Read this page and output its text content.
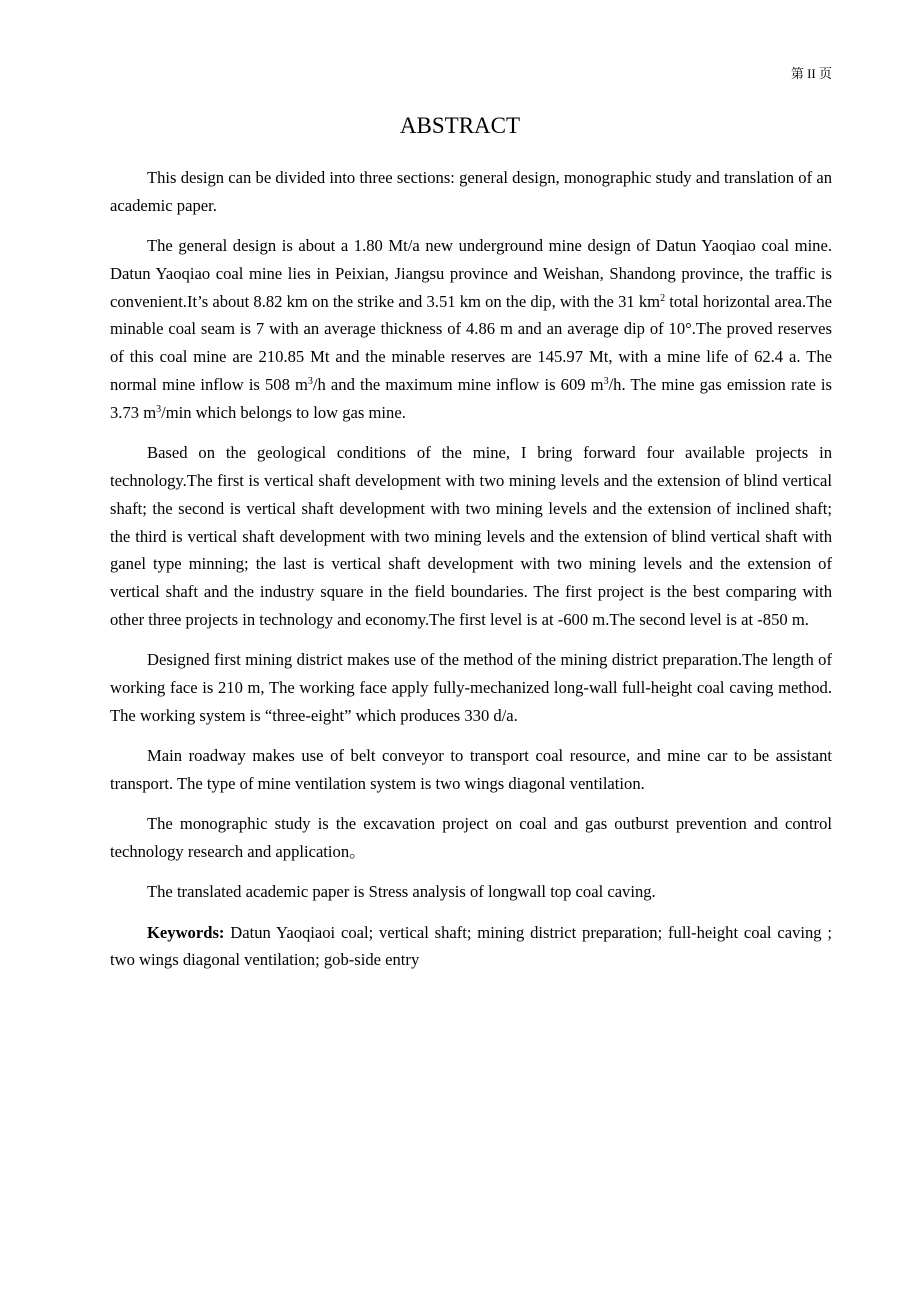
第 II 页
ABSTRACT

This design can be divided into three sections: general design, monographic study and translation of an academic paper.

The general design is about a 1.80 Mt/a new underground mine design of Datun Yaoqiao coal mine. Datun Yaoqiao coal mine lies in Peixian, Jiangsu province and Weishan, Shandong province, the traffic is convenient.It’s about 8.82 km on the strike and 3.51 km on the dip, with the 31 $km^2$ total horizontal area.The minable coal seam is 7 with an average thickness of 4.86 m and an average dip of 10°.The proved reserves of this coal mine are 210.85 Mt and the minable reserves are 145.97 Mt, with a mine life of 62.4 a. The normal mine inflow is 508 $m^3/h$ and the maximum mine inflow is 609 $m^3/h$. The mine gas emission rate is 3.73 $m^3/\min$ which belongs to low gas mine.

Based on the geological conditions of the mine, I bring forward four available projects in technology.The first is vertical shaft development with two mining levels and the extension of blind vertical shaft; the second is vertical shaft development with two mining levels and the extension of inclined shaft; the third is vertical shaft development with two mining levels and the extension of blind vertical shaft with ganel type minning; the last is vertical shaft development with two mining levels and the extension of vertical shaft and the industry square in the field boundaries. The first project is the best comparing with other three projects in technology and economy.The first level is at -600 m.The second level is at -850 m.

Designed first mining district makes use of the method of the mining district preparation.The length of working face is 210 m, The working face apply fully-mechanized long-wall full-height coal caving method. The working system is “three-eight” which produces 330 d/a.

Main roadway makes use of belt conveyor to transport coal resource, and mine car to be assistant transport. The type of mine ventilation system is two wings diagonal ventilation.

The monographic study is the excavation project on coal and gas outburst prevention and control technology research and application。

The translated academic paper is Stress analysis of longwall top coal caving.

Keywords: Datun Yaoqiaoi coal; vertical shaft; mining district preparation; full-height coal caving ; two wings diagonal ventilation; gob-side entry
